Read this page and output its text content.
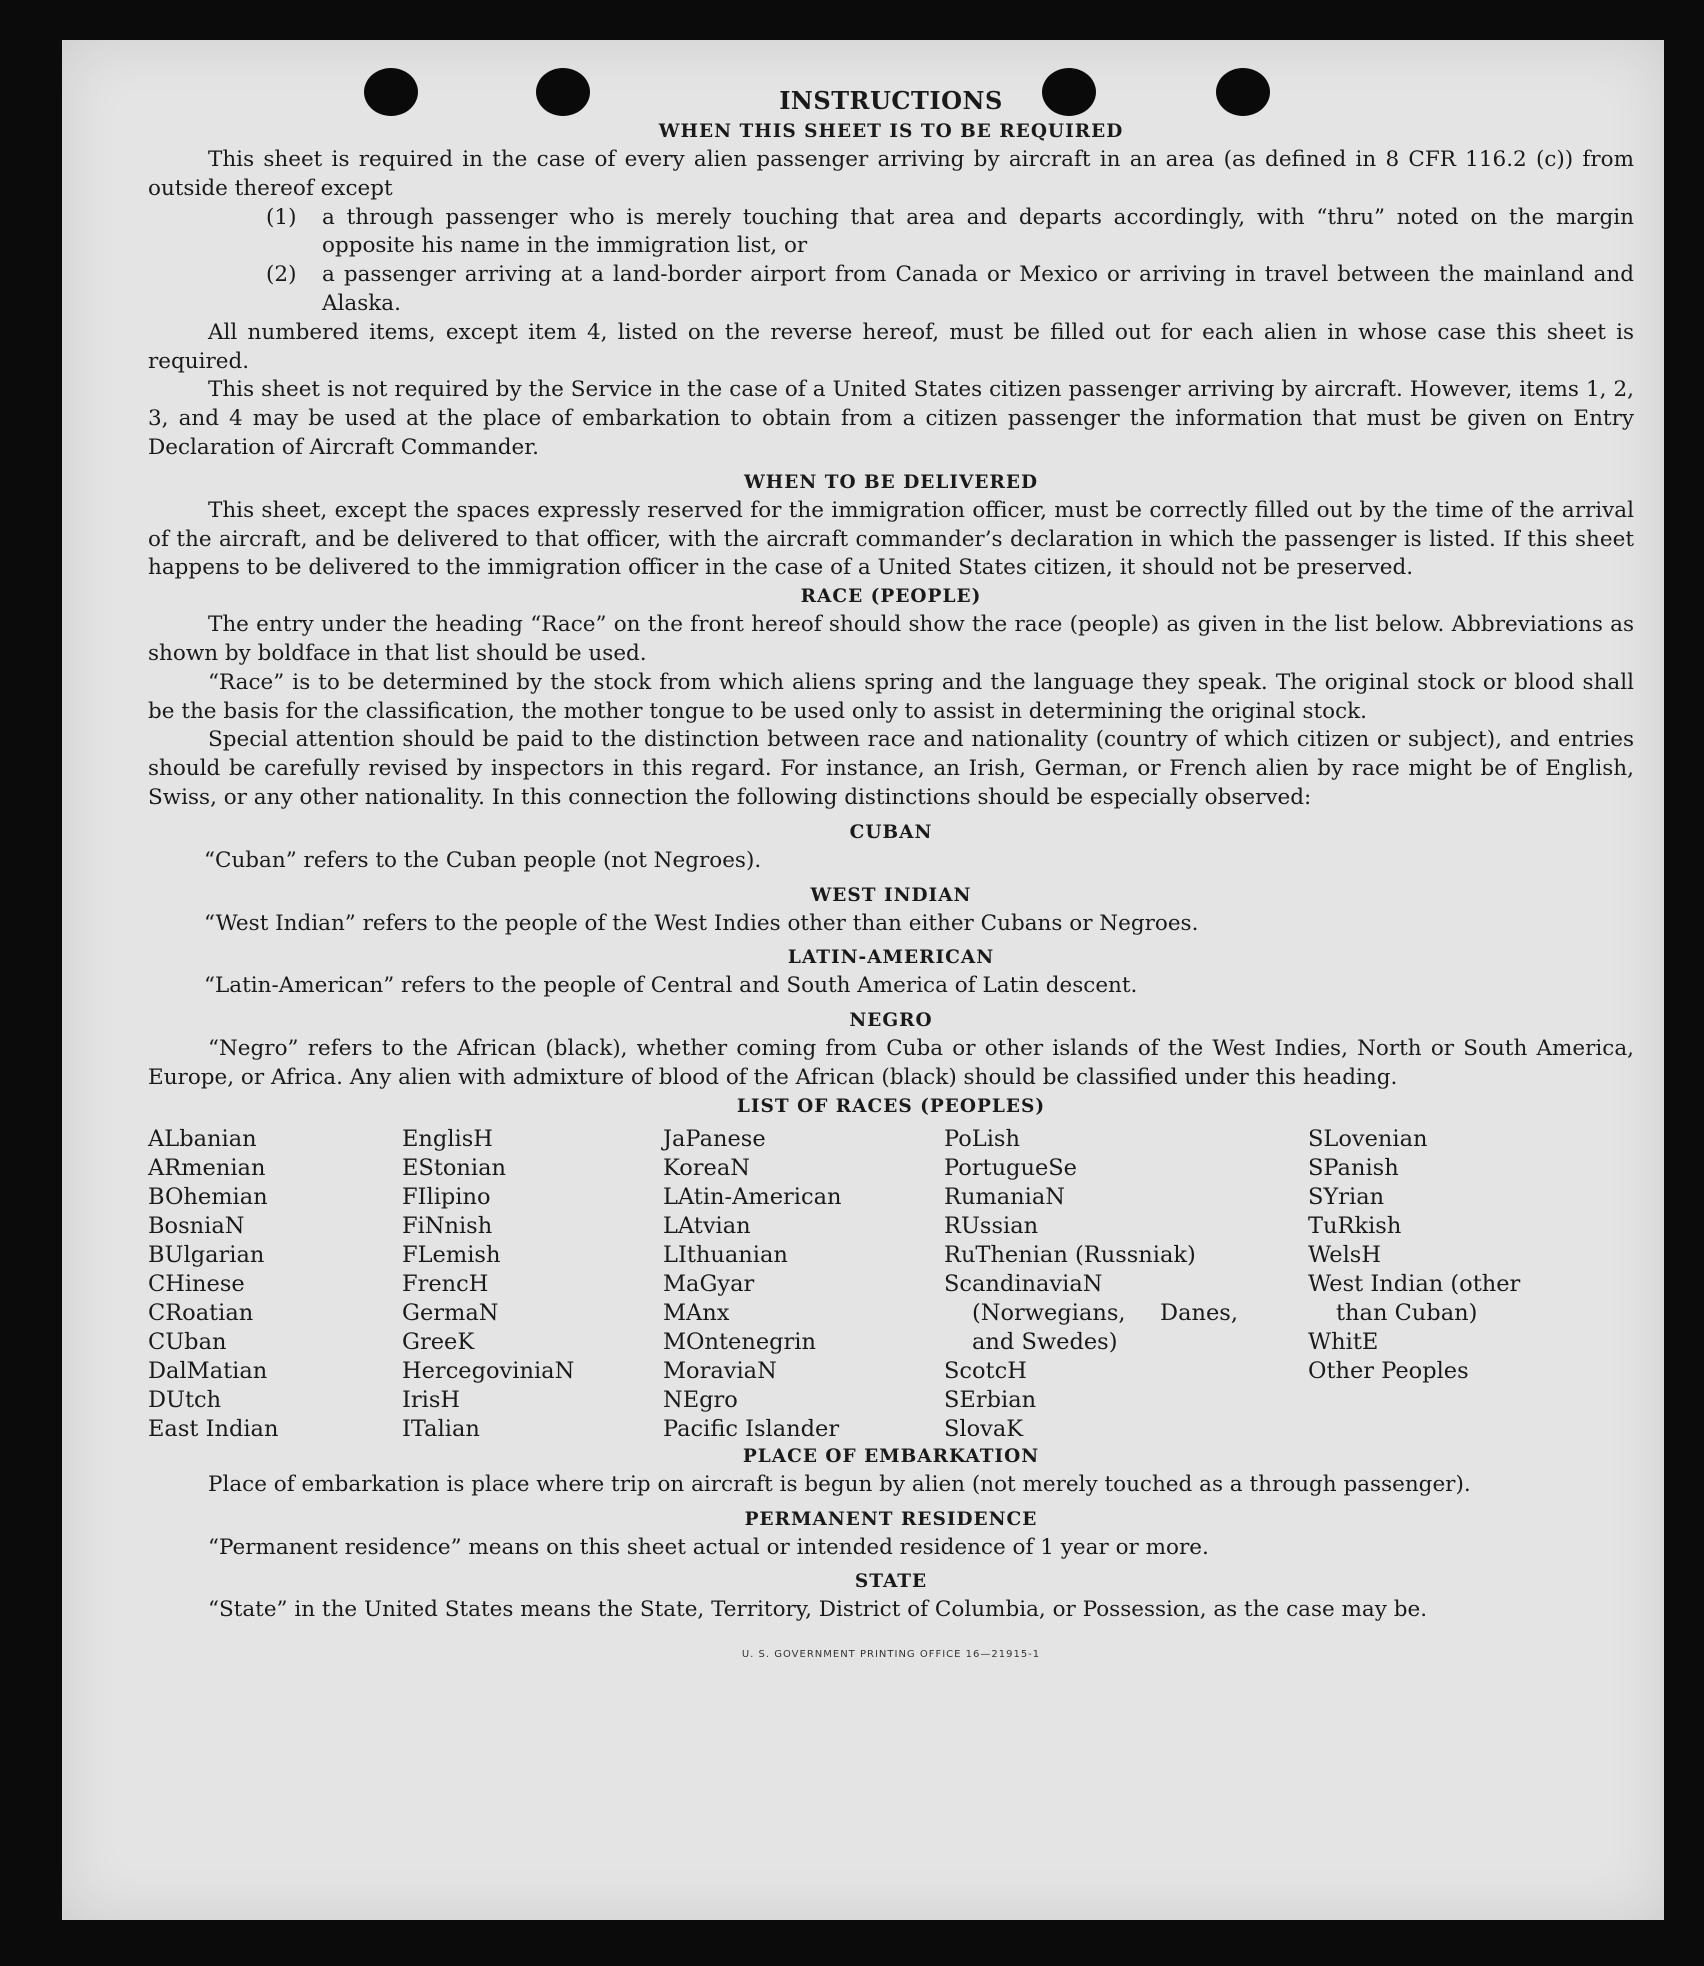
INSTRUCTIONS

WHEN THIS SHEET IS TO BE REQUIRED

This sheet is required in the case of every alien passenger arriving by aircraft in an area (as defined in 8 CFR 116.2 (c)) from outside thereof except

(1)	a through passenger who is merely touching that area and departs accordingly, with “thru” noted on the margin opposite his name in the immigration list, or
(2)	a passenger arriving at a land-border airport from Canada or Mexico or arriving in travel between the mainland and Alaska.

All numbered items, except item 4, listed on the reverse hereof, must be filled out for each alien in whose case this sheet is required.

This sheet is not required by the Service in the case of a United States citizen passenger arriving by aircraft. However, items 1, 2, 3, and 4 may be used at the place of embarkation to obtain from a citizen passenger the information that must be given on Entry Declaration of Aircraft Commander.

WHEN TO BE DELIVERED

This sheet, except the spaces expressly reserved for the immigration officer, must be correctly filled out by the time of the arrival of the aircraft, and be delivered to that officer, with the aircraft commander’s declaration in which the passenger is listed. If this sheet happens to be delivered to the immigration officer in the case of a United States citizen, it should not be preserved.

RACE (PEOPLE)

The entry under the heading “Race” on the front hereof should show the race (people) as given in the list below. Abbreviations as shown by boldface in that list should be used.

“Race” is to be determined by the stock from which aliens spring and the language they speak. The original stock or blood shall be the basis for the classification, the mother tongue to be used only to assist in determining the original stock.

Special attention should be paid to the distinction between race and nationality (country of which citizen or subject), and entries should be carefully revised by inspectors in this regard. For instance, an Irish, German, or French alien by race might be of English, Swiss, or any other nationality. In this connection the following distinctions should be especially observed:

CUBAN

“Cuban” refers to the Cuban people (not Negroes).

WEST INDIAN

“West Indian” refers to the people of the West Indies other than either Cubans or Negroes.

LATIN-AMERICAN

“Latin-American” refers to the people of Central and South America of Latin descent.

NEGRO

“Negro” refers to the African (black), whether coming from Cuba or other islands of the West Indies, North or South America, Europe, or Africa. Any alien with admixture of blood of the African (black) should be classified under this heading.

LIST OF RACES (PEOPLES)

ALbanian
ARmenian
BOhemian
BosniaN
BUlgarian
CHinese
CRoatian
CUban
DalMatian
DUtch
East Indian
EnglisH
EStonian
FIlipino
FiNnish
FLemish
FrencH
GermaN
GreeK
HercegoviniaN
IrisH
ITalian
JaPanese
KoreaN
LAtin-American
LAtvian
LIthuanian
MaGyar
MAnx
MOntenegrin
MoraviaN
NEgro
Pacific Islander
PoLish
PortugueSe
RumaniaN
RUssian
RuThenian (Russniak)
ScandinaviaN (Norwegians, Danes, and Swedes)
ScotcH
SErbian
SlovaK
SLovenian
SPanish
SYrian
TuRkish
WelsH
West Indian (other than Cuban)
WhitE
Other Peoples

PLACE OF EMBARKATION

Place of embarkation is place where trip on aircraft is begun by alien (not merely touched as a through passenger).

PERMANENT RESIDENCE

“Permanent residence” means on this sheet actual or intended residence of 1 year or more.

STATE

“State” in the United States means the State, Territory, District of Columbia, or Possession, as the case may be.

U. S. GOVERNMENT PRINTING OFFICE 16—21915-1
